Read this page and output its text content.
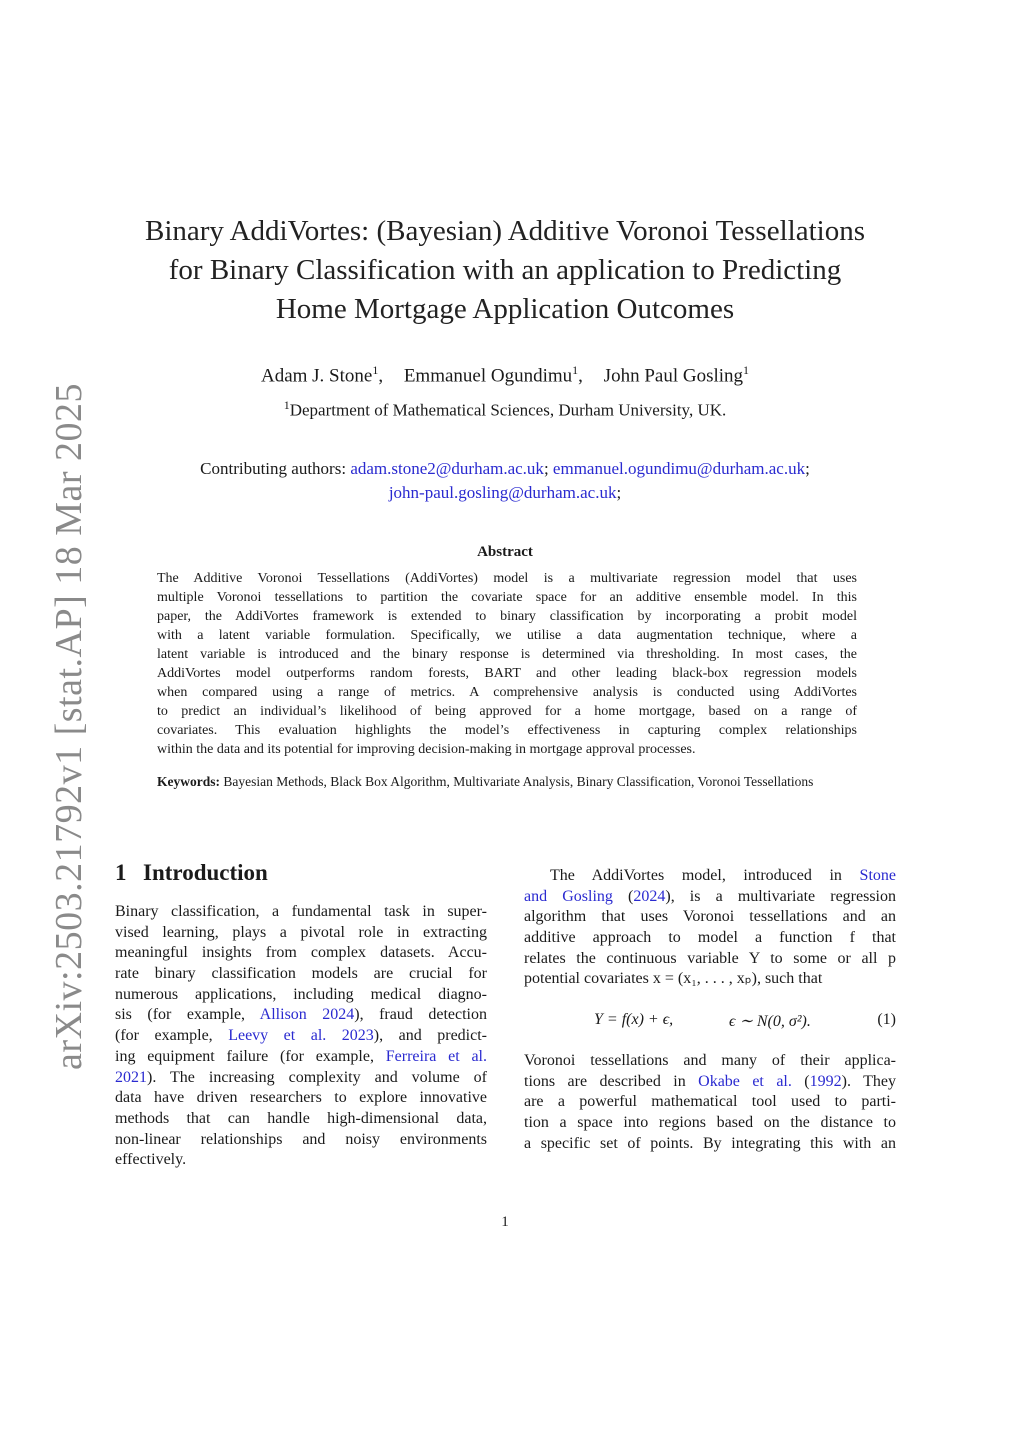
arXiv:2503.21792v1 [stat.AP] 18 Mar 2025
Binary AddiVortes: (Bayesian) Additive Voronoi Tessellations
for Binary Classification with an application to Predicting
Home Mortgage Application Outcomes
Adam J. Stone$^1$, Emmanuel Ogundimu$^1$, John Paul Gosling$^1$
$^1$Department of Mathematical Sciences, Durham University, UK.
Contributing authors: adam.stone2@durham.ac.uk; emmanuel.ogundimu@durham.ac.uk;
john-paul.gosling@durham.ac.uk;
Abstract
The Additive Voronoi Tessellations (AddiVortes) model is a multivariate regression model that uses
multiple Voronoi tessellations to partition the covariate space for an additive ensemble model. In this
paper, the AddiVortes framework is extended to binary classification by incorporating a probit model
with a latent variable formulation. Specifically, we utilise a data augmentation technique, where a
latent variable is introduced and the binary response is determined via thresholding. In most cases, the
AddiVortes model outperforms random forests, BART and other leading black-box regression models
when compared using a range of metrics. A comprehensive analysis is conducted using AddiVortes
to predict an individual’s likelihood of being approved for a home mortgage, based on a range of
covariates. This evaluation highlights the model’s effectiveness in capturing complex relationships
within the data and its potential for improving decision-making in mortgage approval processes.
Keywords: Bayesian Methods, Black Box Algorithm, Multivariate Analysis, Binary Classification, Voronoi Tessellations
1 Introduction
Binary classification, a fundamental task in super-
vised learning, plays a pivotal role in extracting
meaningful insights from complex datasets. Accu-
rate binary classification models are crucial for
numerous applications, including medical diagno-
sis (for example, Allison 2024), fraud detection
(for example, Leevy et al. 2023), and predict-
ing equipment failure (for example, Ferreira et al.
2021). The increasing complexity and volume of
data have driven researchers to explore innovative
methods that can handle high-dimensional data,
non-linear relationships and noisy environments
effectively.
The AddiVortes model, introduced in Stone
and Gosling (2024), is a multivariate regression
algorithm that uses Voronoi tessellations and an
additive approach to model a function f that
relates the continuous variable Y to some or all p
potential covariates x = (x₁, . . . , xₚ), such that
Y = f(x) + ϵ,	ϵ ∼ N(0, σ²).	(1)
Voronoi tessellations and many of their applica-
tions are described in Okabe et al. (1992). They
are a powerful mathematical tool used to parti-
tion a space into regions based on the distance to
a specific set of points. By integrating this with an
1
